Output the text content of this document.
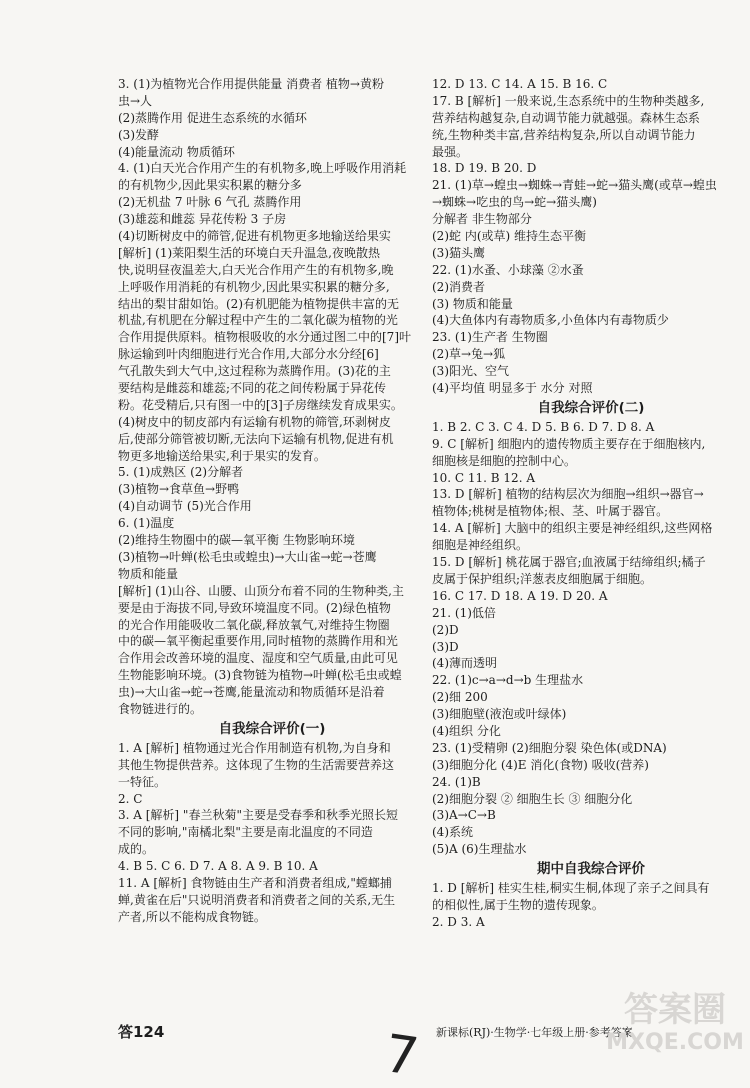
3. (1)为植物光合作用提供能量 消费者 植物→黄粉
虫→人
(2)蒸腾作用 促进生态系统的水循环
(3)发酵
(4)能量流动 物质循环
4. (1)白天光合作用产生的有机物多,晚上呼吸作用消耗
的有机物少,因此果实积累的糖分多
(2)无机盐 7 叶脉 6 气孔 蒸腾作用
(3)雄蕊和雌蕊 异花传粉 3 子房
(4)切断树皮中的筛管,促进有机物更多地输送给果实
[解析] (1)莱阳梨生活的环境白天升温急,夜晚散热
快,说明昼夜温差大,白天光合作用产生的有机物多,晚
上呼吸作用消耗的有机物少,因此果实积累的糖分多,
结出的梨甘甜如饴。(2)有机肥能为植物提供丰富的无
机盐,有机肥在分解过程中产生的二氧化碳为植物的光
合作用提供原料。植物根吸收的水分通过图二中的[7]叶
脉运输到叶肉细胞进行光合作用,大部分水分经[6]
气孔散失到大气中,这过程称为蒸腾作用。(3)花的主
要结构是雌蕊和雄蕊;不同的花之间传粉属于异花传
粉。花受精后,只有图一中的[3]子房继续发育成果实。
(4)树皮中的韧皮部内有运输有机物的筛管,环剥树皮
后,使部分筛管被切断,无法向下运输有机物,促进有机
物更多地输送给果实,利于果实的发育。
5. (1)成熟区 (2)分解者
(3)植物→食草鱼→野鸭
(4)自动调节 (5)光合作用
6. (1)温度
(2)维持生物圈中的碳—氧平衡 生物影响环境
(3)植物→叶蝉(松毛虫或蝗虫)→大山雀→蛇→苍鹰
物质和能量
[解析] (1)山谷、山腰、山顶分布着不同的生物种类,主
要是由于海拔不同,导致环境温度不同。(2)绿色植物
的光合作用能吸收二氧化碳,释放氧气,对维持生物圈
中的碳—氧平衡起重要作用,同时植物的蒸腾作用和光
合作用会改善环境的温度、湿度和空气质量,由此可见
生物能影响环境。(3)食物链为植物→叶蝉(松毛虫或蝗
虫)→大山雀→蛇→苍鹰,能量流动和物质循环是沿着
食物链进行的。
自我综合评价(一)
1. A [解析] 植物通过光合作用制造有机物,为自身和
其他生物提供营养。这体现了生物的生活需要营养这
一特征。
2. C
3. A [解析] "春兰秋菊"主要是受春季和秋季光照长短
不同的影响,"南橘北梨"主要是南北温度的不同造
成的。
4. B 5. C 6. D 7. A 8. A 9. B 10. A
11. A [解析] 食物链由生产者和消费者组成,"螳螂捕
蝉,黄雀在后"只说明消费者和消费者之间的关系,无生
产者,所以不能构成食物链。
12. D 13. C 14. A 15. B 16. C
17. B [解析] 一般来说,生态系统中的生物种类越多,
营养结构越复杂,自动调节能力就越强。森林生态系
统,生物种类丰富,营养结构复杂,所以自动调节能力
最强。
18. D 19. B 20. D
21. (1)草→蝗虫→蜘蛛→青蛙→蛇→猫头鹰(或草→蝗虫
→蜘蛛→吃虫的鸟→蛇→猫头鹰)
分解者 非生物部分
(2)蛇 内(或草) 维持生态平衡
(3)猫头鹰
22. (1)水蚤、小球藻 ②水蚤
(2)消费者
(3) 物质和能量
(4)大鱼体内有毒物质多,小鱼体内有毒物质少
23. (1)生产者 生物圈
(2)草→兔→狐
(3)阳光、空气
(4)平均值 明显多于 水分 对照
自我综合评价(二)
1. B 2. C 3. C 4. D 5. B 6. D 7. D 8. A
9. C [解析] 细胞内的遗传物质主要存在于细胞核内,
细胞核是细胞的控制中心。
10. C 11. B 12. A
13. D [解析] 植物的结构层次为细胞→组织→器官→
植物体;桃树是植物体;根、茎、叶属于器官。
14. A [解析] 大脑中的组织主要是神经组织,这些网格
细胞是神经组织。
15. D [解析] 桃花属于器官;血液属于结缔组织;橘子
皮属于保护组织;洋葱表皮细胞属于细胞。
16. C 17. D 18. A 19. D 20. A
21. (1)低倍
(2)D
(3)D
(4)薄而透明
22. (1)c→a→d→b 生理盐水
(2)细 200
(3)细胞壁(液泡或叶绿体)
(4)组织 分化
23. (1)受精卵 (2)细胞分裂 染色体(或DNA)
(3)细胞分化 (4)E 消化(食物) 吸收(营养)
24. (1)B
(2)细胞分裂 ② 细胞生长 ③ 细胞分化
(3)A→C→B
(4)系统
(5)A (6)生理盐水
期中自我综合评价
1. D [解析] 桂实生桂,桐实生桐,体现了亲子之间具有
的相似性,属于生物的遗传现象。
2. D 3. A
答124	新课标(RJ)·生物学·七年级上册·参考答案
7
答案圈
MXQE.COM
